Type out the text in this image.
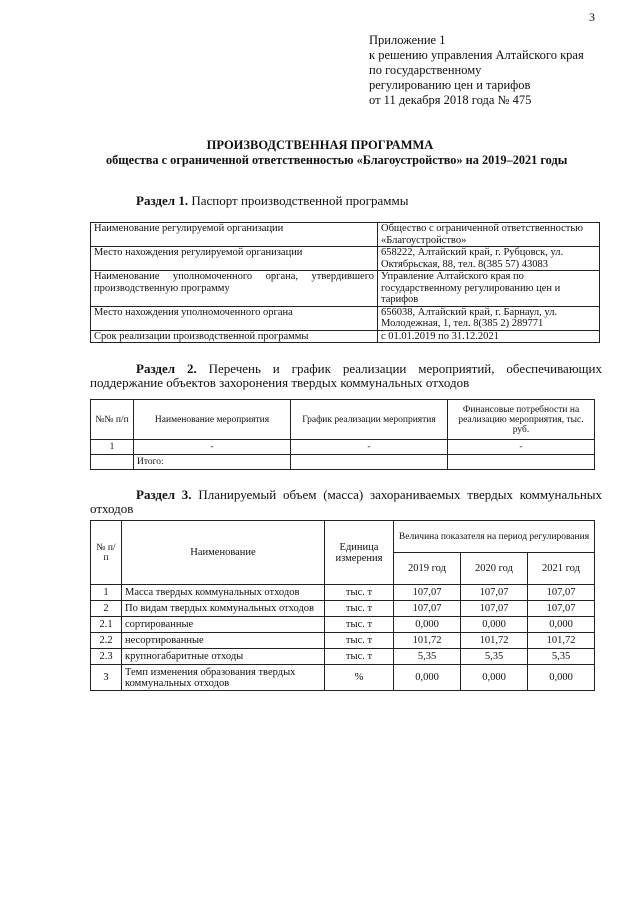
3
Приложение 1
к решению управления Алтайского края
по государственному
регулированию цен и тарифов
от 11 декабря 2018 года № 475
ПРОИЗВОДСТВЕННАЯ ПРОГРАММА
общества с ограниченной ответственностью «Благоустройство» на 2019–2021 годы
Раздел 1. Паспорт производственной программы
Наименование регулируемой организации	Общество с ограниченной ответственностью «Благоустройство»
Место нахождения регулируемой организации	658222, Алтайский край, г. Рубцовск, ул. Октябрьская, 88, тел. 8(385 57) 43083
Наименование уполномоченного органа, утвердившего производственную программу	Управление Алтайского края по государственному регулированию цен и тарифов
Место нахождения уполномоченного органа	656038, Алтайский край, г. Барнаул, ул. Молодежная, 1, тел. 8(385 2) 289771
Срок реализации производственной программы	с 01.01.2019 по 31.12.2021
Раздел 2. Перечень и график реализации мероприятий, обеспечивающих поддержание объектов захоронения твердых коммунальных отходов
№№ п/п	Наименование мероприятия	График реализации мероприятия	Финансовые потребности на реализацию мероприятия, тыс. руб.
1	-	-	-
	Итого:		
Раздел 3. Планируемый объем (масса) захораниваемых твердых коммунальных отходов
№ п/п	Наименование	Единица измерения	Величина показателя на период регулирования		
			2019 год	2020 год	2021 год
1	Масса твердых коммунальных отходов	тыс. т	107,07	107,07	107,07
2	По видам твердых коммунальных отходов	тыс. т	107,07	107,07	107,07
2.1	сортированные	тыс. т	0,000	0,000	0,000
2.2	несортированные	тыс. т	101,72	101,72	101,72
2.3	крупногабаритные отходы	тыс. т	5,35	5,35	5,35
3	Темп изменения образования твердых коммунальных отходов	%	0,000	0,000	0,000
